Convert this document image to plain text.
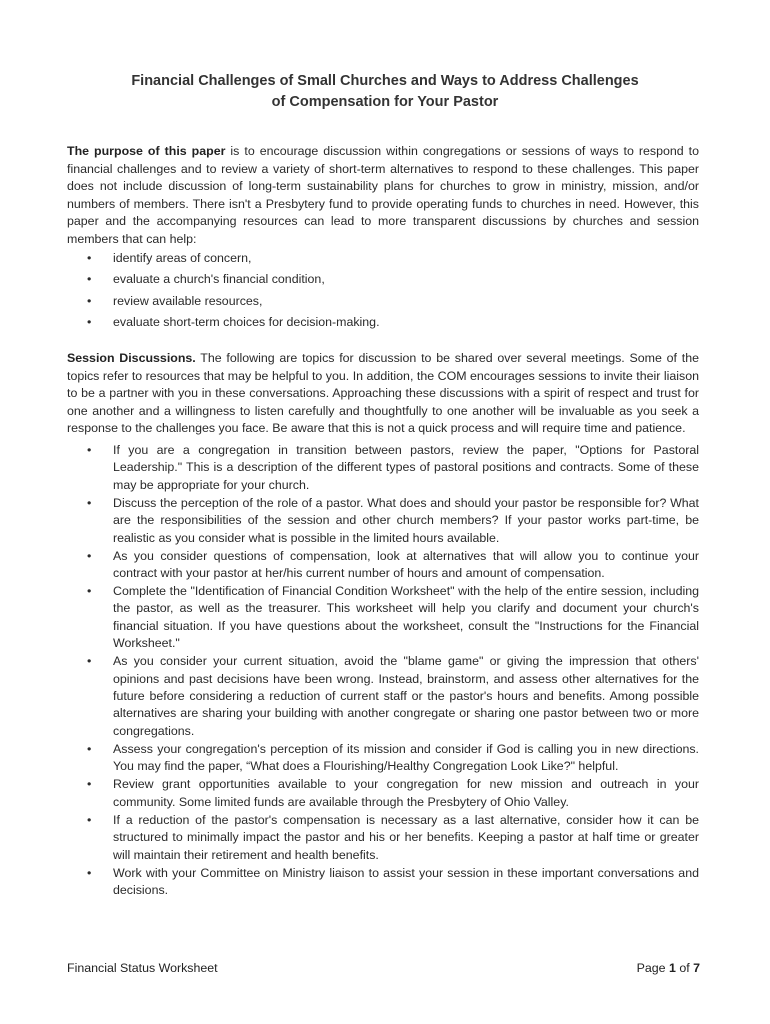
Financial Challenges of Small Churches and Ways to Address Challenges
of Compensation for Your Pastor
The purpose of this paper is to encourage discussion within congregations or sessions of ways to respond to financial challenges and to review a variety of short-term alternatives to respond to these challenges. This paper does not include discussion of long-term sustainability plans for churches to grow in ministry, mission, and/or numbers of members. There isn't a Presbytery fund to provide operating funds to churches in need. However, this paper and the accompanying resources can lead to more transparent discussions by churches and session members that can help:
• identify areas of concern,
• evaluate a church's financial condition,
• review available resources,
• evaluate short-term choices for decision-making.
Session Discussions. The following are topics for discussion to be shared over several meetings. Some of the topics refer to resources that may be helpful to you. In addition, the COM encourages sessions to invite their liaison to be a partner with you in these conversations. Approaching these discussions with a spirit of respect and trust for one another and a willingness to listen carefully and thoughtfully to one another will be invaluable as you seek a response to the challenges you face. Be aware that this is not a quick process and will require time and patience.
• If you are a congregation in transition between pastors, review the paper, "Options for Pastoral Leadership." This is a description of the different types of pastoral positions and contracts. Some of these may be appropriate for your church.
• Discuss the perception of the role of a pastor. What does and should your pastor be responsible for? What are the responsibilities of the session and other church members? If your pastor works part-time, be realistic as you consider what is possible in the limited hours available.
• As you consider questions of compensation, look at alternatives that will allow you to continue your contract with your pastor at her/his current number of hours and amount of compensation.
• Complete the "Identification of Financial Condition Worksheet" with the help of the entire session, including the pastor, as well as the treasurer. This worksheet will help you clarify and document your church's financial situation. If you have questions about the worksheet, consult the "Instructions for the Financial Worksheet."
• As you consider your current situation, avoid the "blame game" or giving the impression that others' opinions and past decisions have been wrong. Instead, brainstorm, and assess other alternatives for the future before considering a reduction of current staff or the pastor's hours and benefits. Among possible alternatives are sharing your building with another congregate or sharing one pastor between two or more congregations.
• Assess your congregation's perception of its mission and consider if God is calling you in new directions. You may find the paper, “What does a Flourishing/Healthy Congregation Look Like?" helpful.
• Review grant opportunities available to your congregation for new mission and outreach in your community. Some limited funds are available through the Presbytery of Ohio Valley.
• If a reduction of the pastor's compensation is necessary as a last alternative, consider how it can be structured to minimally impact the pastor and his or her benefits. Keeping a pastor at half time or greater will maintain their retirement and health benefits.
• Work with your Committee on Ministry liaison to assist your session in these important conversations and decisions.
Financial Status Worksheet	Page 1 of 7
